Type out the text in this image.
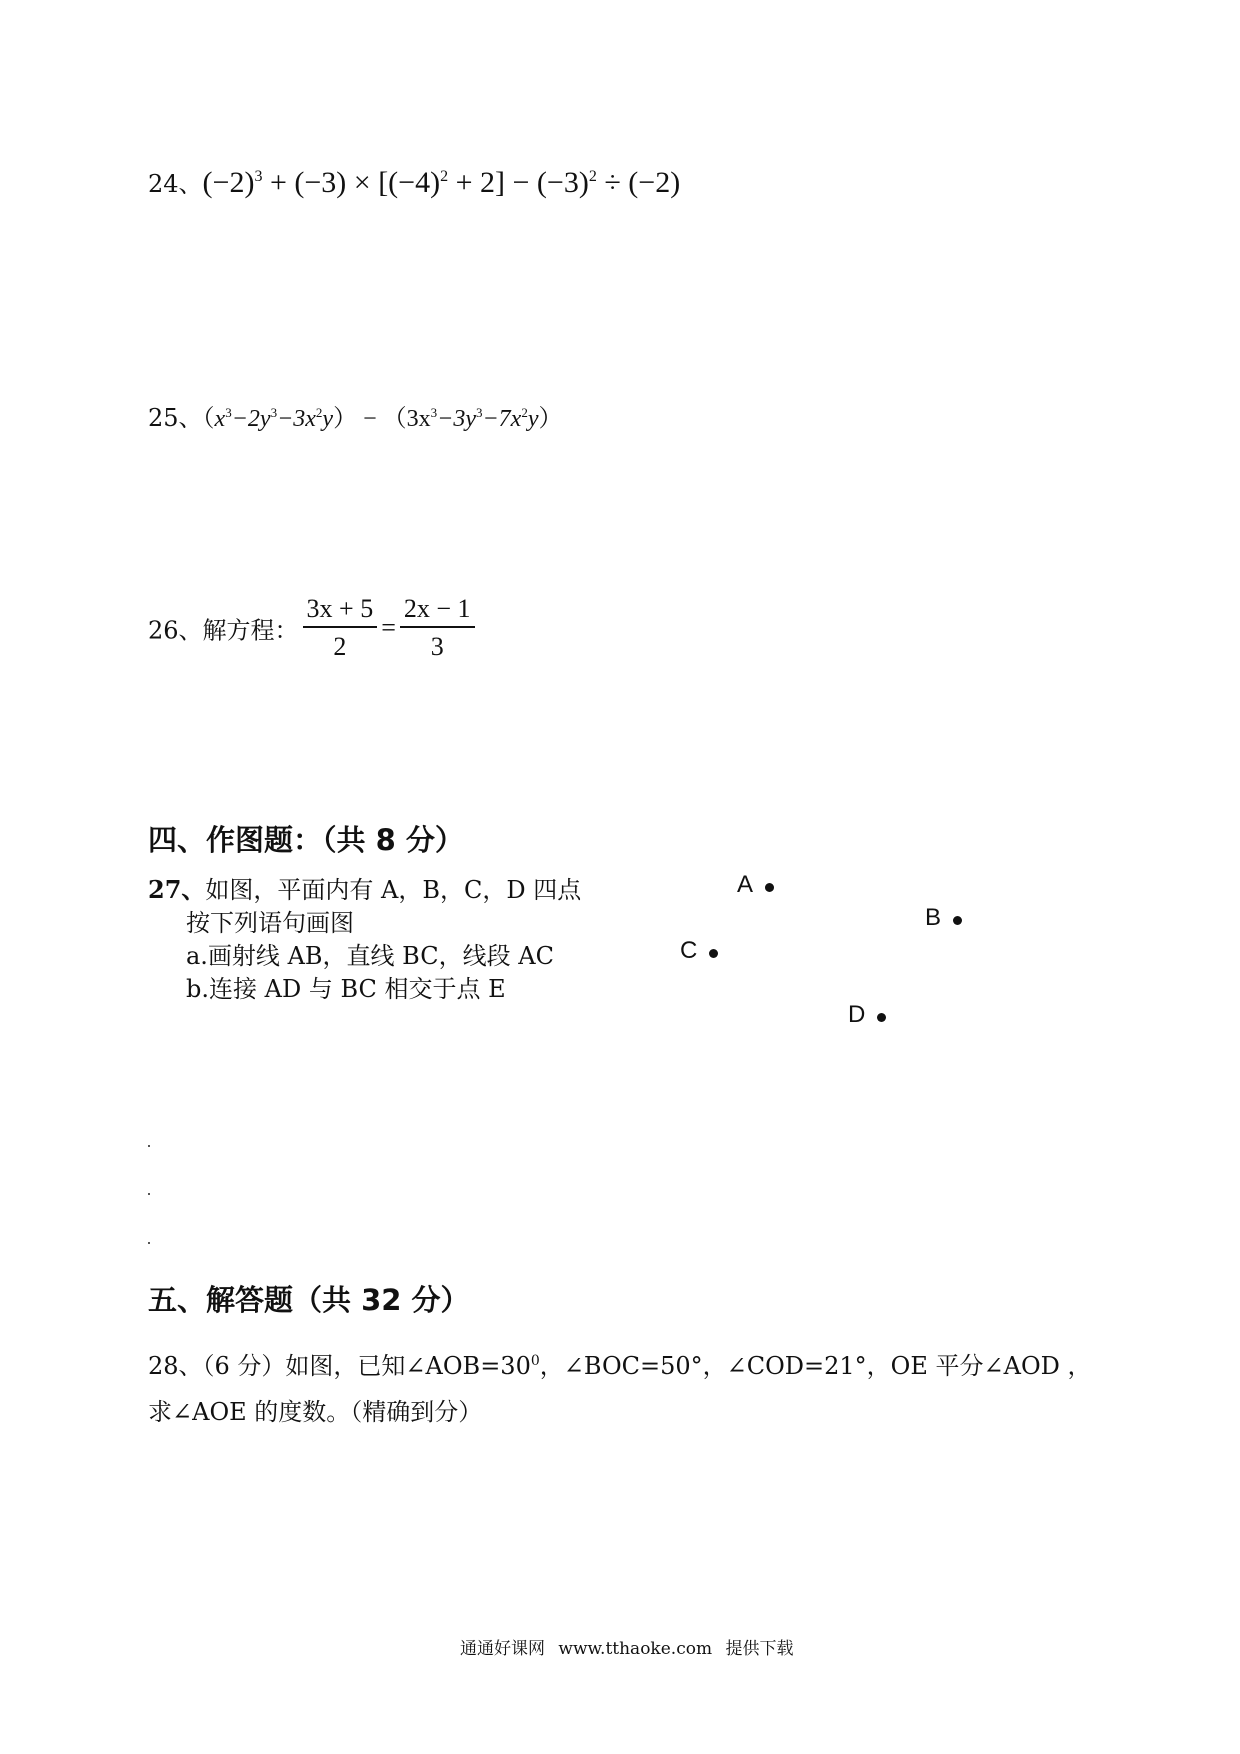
24、$(-2)^3 + (-3) \times [(-4)^2 + 2] - (-3)^2 \div (-2)$
25、$(x^3-2y^3-3x^2y) - (3x^3-3y^3-7x^2y)$
26、解方程： $\frac{3x + 5}{2} = \frac{2x - 1}{3}$
四、作图题：（共 8 分）
27、如图，平面内有 A，B，C，D 四点
按下列语句画图
a.画射线 AB，直线 BC，线段 AC
b.连接 AD 与 BC 相交于点 E
A
B
C
D
五、解答题（共 32 分）
28、（6 分）如图，已知$\angle AOB=30^0$，∠BOC=50°，∠COD=21°，OE 平分∠AOD ，
求∠AOE 的度数。（精确到分）
通通好课网 www.tthaoke.com 提供下载
